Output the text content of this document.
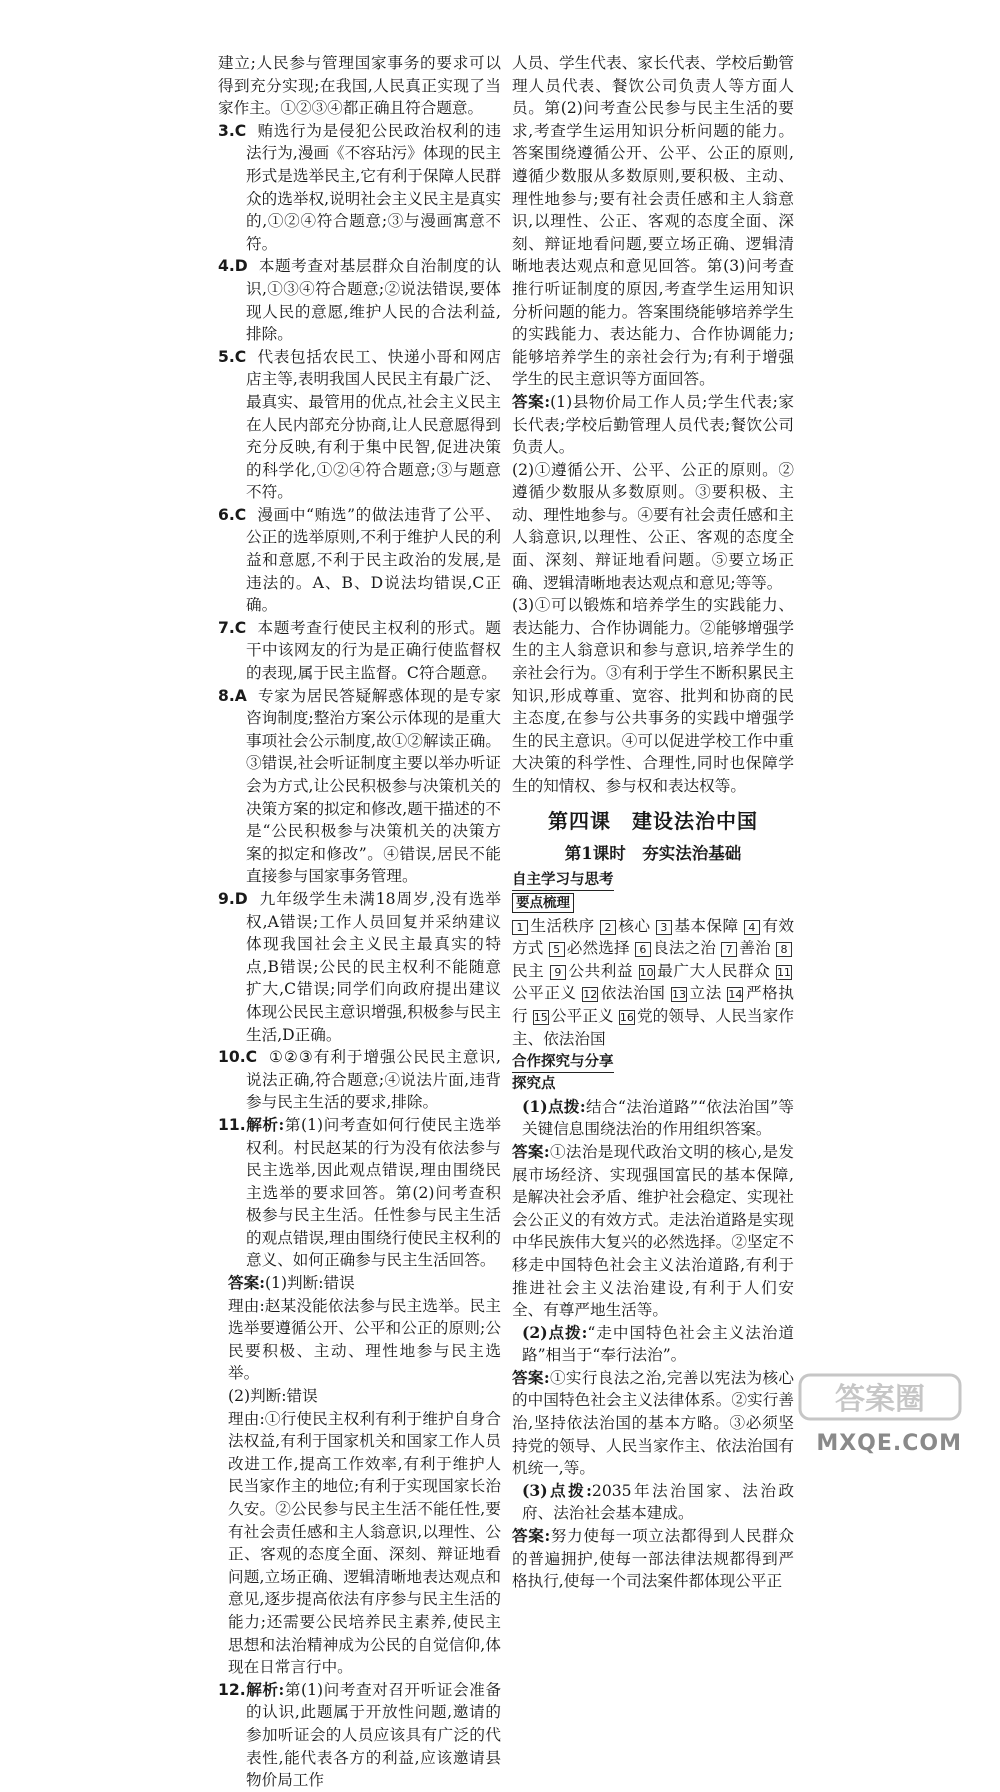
建立;人民参与管理国家事务的要求可以得到充分实现;在我国,人民真正实现了当家作主。①②③④都正确且符合题意。

3.C 贿选行为是侵犯公民政治权利的违法行为,漫画《不容玷污》体现的民主形式是选举民主,它有利于保障人民群众的选举权,说明社会主义民主是真实的,①②④符合题意;③与漫画寓意不符。

4.D 本题考查对基层群众自治制度的认识,①③④符合题意;②说法错误,要体现人民的意愿,维护人民的合法利益,排除。

5.C 代表包括农民工、快递小哥和网店店主等,表明我国人民民主有最广泛、最真实、最管用的优点,社会主义民主在人民内部充分协商,让人民意愿得到充分反映,有利于集中民智,促进决策的科学化,①②④符合题意;③与题意不符。

6.C 漫画中“贿选”的做法违背了公平、公正的选举原则,不利于维护人民的利益和意愿,不利于民主政治的发展,是违法的。A、B、D说法均错误,C正确。

7.C 本题考查行使民主权利的形式。题干中该网友的行为是正确行使监督权的表现,属于民主监督。C符合题意。

8.A 专家为居民答疑解惑体现的是专家咨询制度;整治方案公示体现的是重大事项社会公示制度,故①②解读正确。③错误,社会听证制度主要以举办听证会为方式,让公民积极参与决策机关的决策方案的拟定和修改,题干描述的不是“公民积极参与决策机关的决策方案的拟定和修改”。④错误,居民不能直接参与国家事务管理。

9.D 九年级学生未满18周岁,没有选举权,A错误;工作人员回复并采纳建议体现我国社会主义民主最真实的特点,B错误;公民的民主权利不能随意扩大,C错误;同学们向政府提出建议体现公民民主意识增强,积极参与民主生活,D正确。

10.C ①②③有利于增强公民民主意识,说法正确,符合题意;④说法片面,违背参与民主生活的要求,排除。

11.解析:第(1)问考查如何行使民主选举权利。村民赵某的行为没有依法参与民主选举,因此观点错误,理由围绕民主选举的要求回答。第(2)问考查积极参与民主生活。任性参与民主生活的观点错误,理由围绕行使民主权利的意义、如何正确参与民主生活回答。

答案:(1)判断:错误

理由:赵某没能依法参与民主选举。民主选举要遵循公开、公平和公正的原则;公民要积极、主动、理性地参与民主选举。

(2)判断:错误

理由:①行使民主权利有利于维护自身合法权益,有利于国家机关和国家工作人员改进工作,提高工作效率,有利于维护人民当家作主的地位;有利于实现国家长治久安。②公民参与民主生活不能任性,要有社会责任感和主人翁意识,以理性、公正、客观的态度全面、深刻、辩证地看问题,立场正确、逻辑清晰地表达观点和意见,逐步提高依法有序参与民主生活的能力;还需要公民培养民主素养,使民主思想和法治精神成为公民的自觉信仰,体现在日常言行中。

12.解析:第(1)问考查对召开听证会准备的认识,此题属于开放性问题,邀请的参加听证会的人员应该具有广泛的代表性,能代表各方的利益,应该邀请县物价局工作

人员、学生代表、家长代表、学校后勤管理人员代表、餐饮公司负责人等方面人员。第(2)问考查公民参与民主生活的要求,考查学生运用知识分析问题的能力。答案围绕遵循公开、公平、公正的原则,遵循少数服从多数原则,要积极、主动、理性地参与;要有社会责任感和主人翁意识,以理性、公正、客观的态度全面、深刻、辩证地看问题,要立场正确、逻辑清晰地表达观点和意见回答。第(3)问考查推行听证制度的原因,考查学生运用知识分析问题的能力。答案围绕能够培养学生的实践能力、表达能力、合作协调能力;能够培养学生的亲社会行为;有利于增强学生的民主意识等方面回答。

答案:(1)县物价局工作人员;学生代表;家长代表;学校后勤管理人员代表;餐饮公司负责人。

(2)①遵循公开、公平、公正的原则。②遵循少数服从多数原则。③要积极、主动、理性地参与。④要有社会责任感和主人翁意识,以理性、公正、客观的态度全面、深刻、辩证地看问题。⑤要立场正确、逻辑清晰地表达观点和意见;等等。

(3)①可以锻炼和培养学生的实践能力、表达能力、合作协调能力。②能够增强学生的主人翁意识和参与意识,培养学生的亲社会行为。③有利于学生不断积累民主知识,形成尊重、宽容、批判和协商的民主态度,在参与公共事务的实践中增强学生的民主意识。④可以促进学校工作中重大决策的科学性、合理性,同时也保障学生的知情权、参与权和表达权等。

第四课　建设法治中国
第1课时　夯实法治基础
自主学习与思考
要点梳理

1 生活秩序 2 核心 3 基本保障 4 有效方式 5 必然选择 6 良法之治 7 善治 8民主 9 公共利益 10 最广大人民群众 11公平正义 12 依法治国 13 立法 14 严格执行 15 公平正义 16 党的领导、人民当家作主、依法治国

合作探究与分享

探究点

(1)点拨:结合“法治道路”“依法治国”等关键信息围绕法治的作用组织答案。

答案:①法治是现代政治文明的核心,是发展市场经济、实现强国富民的基本保障,是解决社会矛盾、维护社会稳定、实现社会公正义的有效方式。走法治道路是实现中华民族伟大复兴的必然选择。②坚定不移走中国特色社会主义法治道路,有利于推进社会主义法治建设,有利于人们安全、有尊严地生活等。

(2)点拨:“走中国特色社会主义法治道路”相当于“奉行法治”。

答案:①实行良法之治,完善以宪法为核心的中国特色社会主义法律体系。②实行善治,坚持依法治国的基本方略。③必须坚持党的领导、人民当家作主、依法治国有机统一,等。

(3)点拨:2035年法治国家、法治政府、法治社会基本建成。

答案:努力使每一项立法都得到人民群众的普遍拥护,使每一部法律法规都得到严格执行,使每一个司法案件都体现公平正

答案圈
MXQE.COM
